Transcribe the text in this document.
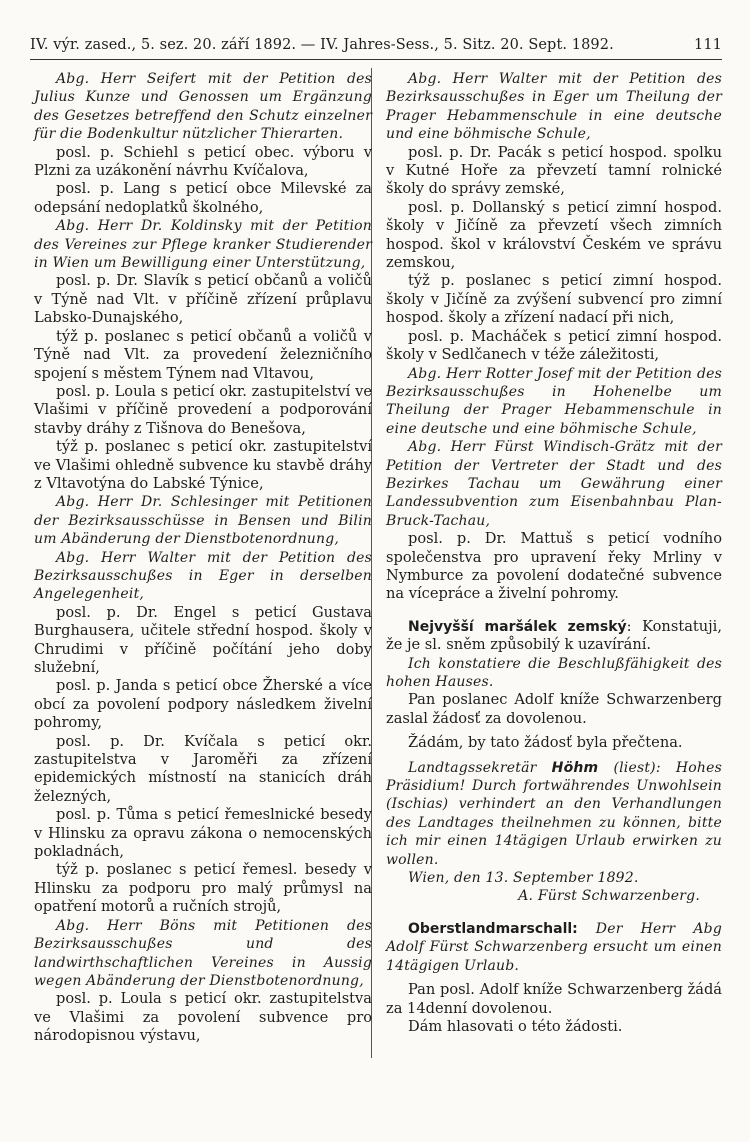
IV. výr. zased., 5. sez. 20. září 1892. — IV. Jahres-Sess., 5. Sitz. 20. Sept. 1892.	111

Abg. Herr Seifert mit der Petition des Julius Kunze und Genossen um Ergänzung des Gesetzes betreffend den Schutz einzelner für die Bodenkultur nützlicher Thierarten.

posl. p. Schiehl s peticí obec. výboru v Plzni za uzákonění návrhu Kvíčalova,

posl. p. Lang s peticí obce Milevské za odepsání nedoplatků školného,

Abg. Herr Dr. Koldinsky mit der Petition des Vereines zur Pflege kranker Studierender in Wien um Bewilligung einer Unterstützung,

posl. p. Dr. Slavík s peticí občanů a voličů v Týně nad Vlt. v příčině zřízení průplavu Labsko-Dunajského,

týž p. poslanec s peticí občanů a voličů v Týně nad Vlt. za provedení železničního spojení s městem Týnem nad Vltavou,

posl. p. Loula s peticí okr. zastupitelství ve Vlašimi v příčině provedení a podporování stavby dráhy z Tišnova do Benešova,

týž p. poslanec s peticí okr. zastupitelství ve Vlašimi ohledně subvence ku stavbě dráhy z Vltavotýna do Labské Týnice,

Abg. Herr Dr. Schlesinger mit Petitionen der Bezirksausschüsse in Bensen und Bilin um Abänderung der Dienstbotenordnung,

Abg. Herr Walter mit der Petition des Bezirksausschußes in Eger in derselben Angelegenheit,

posl. p. Dr. Engel s peticí Gustava Burghausera, učitele střední hospod. školy v Chrudimi v příčině počítání jeho doby služební,

posl. p. Janda s peticí obce Žherské a více obcí za povolení podpory následkem živelní pohromy,

posl. p. Dr. Kvíčala s peticí okr. zastupitelstva v Jaroměři za zřízení epidemických místností na stanicích dráh železných,

posl. p. Tůma s peticí řemeslnické besedy v Hlinsku za opravu zákona o nemocenských pokladnách,

týž p. poslanec s peticí řemesl. besedy v Hlinsku za podporu pro malý průmysl na opatření motorů a ručních strojů,

Abg. Herr Böns mit Petitionen des Bezirksausschußes und des landwirthschaftlichen Vereines in Aussig wegen Abänderung der Dienstbotenordnung,

posl. p. Loula s peticí okr. zastupitelstva ve Vlašimi za povolení subvence pro národopisnou výstavu,

Abg. Herr Walter mit der Petition des Bezirksausschußes in Eger um Theilung der Prager Hebammenschule in eine deutsche und eine böhmische Schule,

posl. p. Dr. Pacák s peticí hospod. spolku v Kutné Hoře za převzetí tamní rolnické školy do správy zemské,

posl. p. Dollanský s peticí zimní hospod. školy v Jičíně za převzetí všech zimních hospod. škol v království Českém ve správu zemskou,

týž p. poslanec s peticí zimní hospod. školy v Jičíně za zvýšení subvencí pro zimní hospod. školy a zřízení nadací při nich,

posl. p. Macháček s peticí zimní hospod. školy v Sedlčanech v téže záležitosti,

Abg. Herr Rotter Josef mit der Petition des Bezirksausschußes in Hohenelbe um Theilung der Prager Hebammenschule in eine deutsche und eine böhmische Schule,

Abg. Herr Fürst Windisch-Grätz mit der Petition der Vertreter der Stadt und des Bezirkes Tachau um Gewährung einer Landessubvention zum Eisenbahnbau Plan-Bruck-Tachau,

posl. p. Dr. Mattuš s peticí vodního společenstva pro upravení řeky Mrliny v Nymburce za povolení dodatečné subvence na vícepráce a živelní pohromy.

Nejvyšší maršálek zemský: Konstatuji, že je sl. sněm způsobilý k uzavírání.

Ich konstatiere die Beschlußfähigkeit des hohen Hauses.

Pan poslanec Adolf kníže Schwarzenberg zaslal žádosť za dovolenou.

Žádám, by tato žádosť byla přečtena.

Landtagssekretär Höhm (liest): Hohes Präsidium! Durch fortwährendes Unwohlsein (Ischias) verhindert an den Verhandlungen des Landtages theilnehmen zu können, bitte ich mir einen 14tägigen Urlaub erwirken zu wollen.

Wien, den 13. September 1892.

A. Fürst Schwarzenberg.

Oberstlandmarschall: Der Herr Abg Adolf Fürst Schwarzenberg ersucht um einen 14tägigen Urlaub.

Pan posl. Adolf kníže Schwarzenberg žádá za 14denní dovolenou.

Dám hlasovati o této žádosti.
